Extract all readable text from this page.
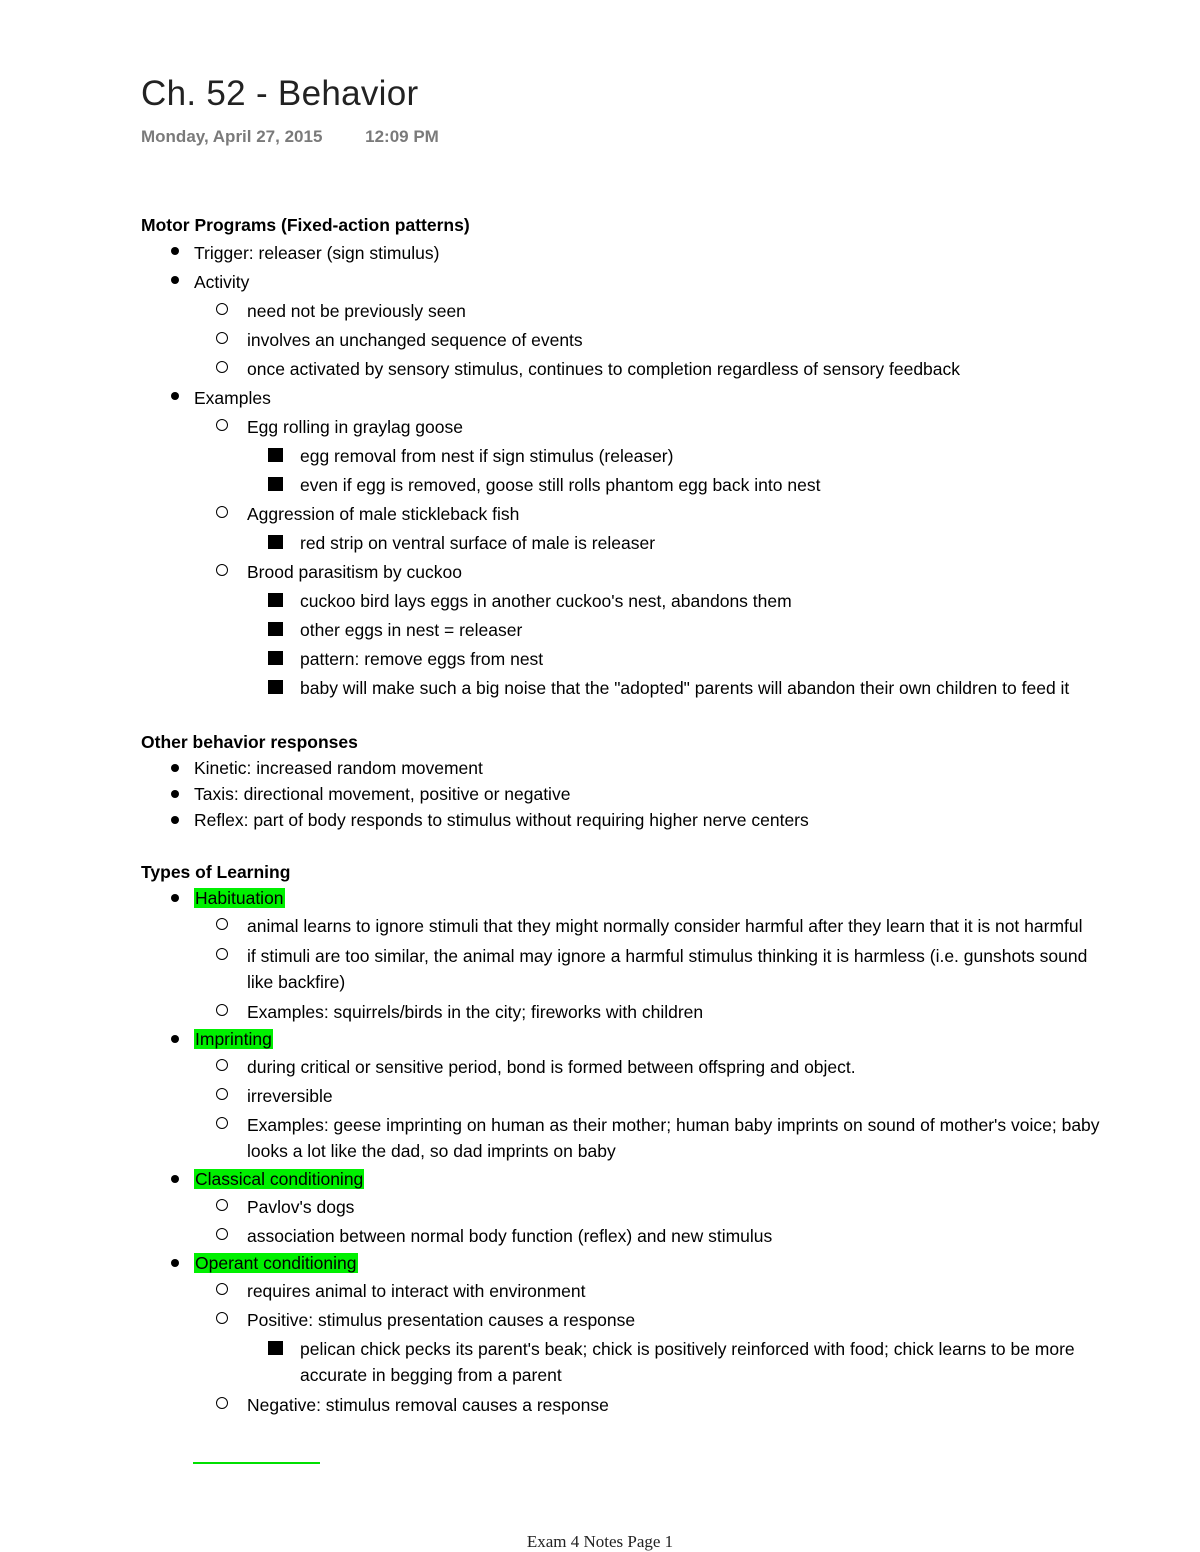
Ch. 52 - Behavior
Monday, April 27, 2015	12:09 PM
Motor Programs (Fixed-action patterns)
Trigger: releaser (sign stimulus)
Activity
need not be previously seen
involves an unchanged sequence of events
once activated by sensory stimulus, continues to completion regardless of sensory feedback
Examples
Egg rolling in graylag goose
egg removal from nest if sign stimulus (releaser)
even if egg is removed, goose still rolls phantom egg back into nest
Aggression of male stickleback fish
red strip on ventral surface of male is releaser
Brood parasitism by cuckoo
cuckoo bird lays eggs in another cuckoo's nest, abandons them
other eggs in nest = releaser
pattern: remove eggs from nest
baby will make such a big noise that the "adopted" parents will abandon their own children to feed it
Other behavior responses
Kinetic: increased random movement
Taxis: directional movement, positive or negative
Reflex: part of body responds to stimulus without requiring higher nerve centers
Types of Learning
Habituation
animal learns to ignore stimuli that they might normally consider harmful after they learn that it is not harmful
if stimuli are too similar, the animal may ignore a harmful stimulus thinking it is harmless (i.e. gunshots sound like backfire)
Examples: squirrels/birds in the city; fireworks with children
Imprinting
during critical or sensitive period, bond is formed between offspring and object.
irreversible
Examples: geese imprinting on human as their mother; human baby imprints on sound of mother's voice; baby looks a lot like the dad, so dad imprints on baby
Classical conditioning
Pavlov's dogs
association between normal body function (reflex) and new stimulus
Operant conditioning
requires animal to interact with environment
Positive: stimulus presentation causes a response
pelican chick pecks its parent's beak; chick is positively reinforced with food; chick learns to be more accurate in begging from a parent
Negative: stimulus removal causes a response
Exam 4 Notes Page 1
